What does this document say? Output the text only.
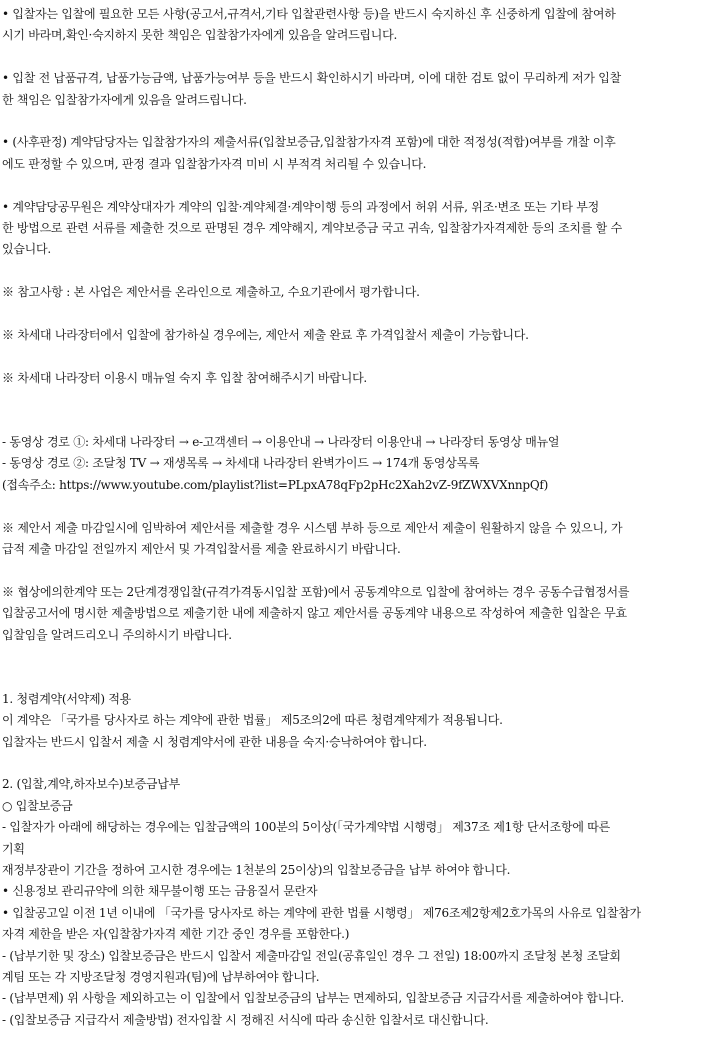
• 입찰자는 입찰에 필요한 모든 사항(공고서,규격서,기타 입찰관련사항 등)을 반드시 숙지하신 후 신중하게 입찰에 참여하
시기 바라며,확인·숙지하지 못한 책임은 입찰참가자에게 있음을 알려드립니다.
• 입찰 전 납품규격, 납품가능금액, 납품가능여부 등을 반드시 확인하시기 바라며, 이에 대한 검토 없이 무리하게 저가 입찰
한 책임은 입찰참가자에게 있음을 알려드립니다.
• (사후판정) 계약담당자는 입찰참가자의 제출서류(입찰보증금,입찰참가자격 포함)에 대한 적정성(적합)여부를 개찰 이후
에도 판정할 수 있으며, 판정 결과 입찰참가자격 미비 시 부적격 처리될 수 있습니다.
• 계약담당공무원은 계약상대자가 계약의 입찰·계약체결·계약이행 등의 과정에서 허위 서류, 위조·변조 또는 기타 부정
한 방법으로 관련 서류를 제출한 것으로 판명된 경우 계약해지, 계약보증금 국고 귀속, 입찰참가자격제한 등의 조치를 할 수
있습니다.
※ 참고사항 : 본 사업은 제안서를 온라인으로 제출하고, 수요기관에서 평가합니다.
※ 차세대 나라장터에서 입찰에 참가하실 경우에는, 제안서 제출 완료 후 가격입찰서 제출이 가능합니다.
※ 차세대 나라장터 이용시 매뉴얼 숙지 후 입찰 참여해주시기 바랍니다.
- 동영상 경로 ①: 차세대 나라장터 → e-고객센터 → 이용안내 → 나라장터 이용안내 → 나라장터 동영상 매뉴얼
- 동영상 경로 ②: 조달청 TV → 재생목록 → 차세대 나라장터 완벽가이드 → 174개 동영상목록
(접속주소: https://www.youtube.com/playlist?list=PLpxA78qFp2pHc2Xah2vZ-9fZWXVXnnpQf)
※ 제안서 제출 마감일시에 임박하여 제안서를 제출할 경우 시스템 부하 등으로 제안서 제출이 원활하지 않을 수 있으니, 가
급적 제출 마감일 전일까지 제안서 및 가격입찰서를 제출 완료하시기 바랍니다.
※ 협상에의한계약 또는 2단계경쟁입찰(규격가격동시입찰 포함)에서 공동계약으로 입찰에 참여하는 경우 공동수급협정서를
입찰공고서에 명시한 제출방법으로 제출기한 내에 제출하지 않고 제안서를 공동계약 내용으로 작성하여 제출한 입찰은 무효
입찰임을 알려드리오니 주의하시기 바랍니다.
1. 청렴계약(서약제) 적용
이 계약은 「국가를 당사자로 하는 계약에 관한 법률」 제5조의2에 따른 청렴계약제가 적용됩니다.
입찰자는 반드시 입찰서 제출 시 청렴계약서에 관한 내용을 숙지·승낙하여야 합니다.
2. (입찰,계약,하자보수)보증금납부
○ 입찰보증금
- 입찰자가 아래에 해당하는 경우에는 입찰금액의 100분의 5이상(「국가계약법 시행령」 제37조 제1항 단서조항에 따른
기획
재정부장관이 기간을 정하여 고시한 경우에는 1천분의 25이상)의 입찰보증금을 납부 하여야 합니다.
• 신용정보 관리규약에 의한 채무불이행 또는 금융질서 문란자
• 입찰공고일 이전 1년 이내에 「국가를 당사자로 하는 계약에 관한 법률 시행령」 제76조제2항제2호가목의 사유로 입찰참가
자격 제한을 받은 자(입찰참가자격 제한 기간 중인 경우를 포함한다.)
- (납부기한 및 장소) 입찰보증금은 반드시 입찰서 제출마감일 전일(공휴일인 경우 그 전일) 18:00까지 조달청 본청 조달회
계팀 또는 각 지방조달청 경영지원과(팀)에 납부하여야 합니다.
- (납부면제) 위 사항을 제외하고는 이 입찰에서 입찰보증금의 납부는 면제하되, 입찰보증금 지급각서를 제출하여야 합니다.
- (입찰보증금 지급각서 제출방법) 전자입찰 시 정해진 서식에 따라 송신한 입찰서로 대신합니다.
